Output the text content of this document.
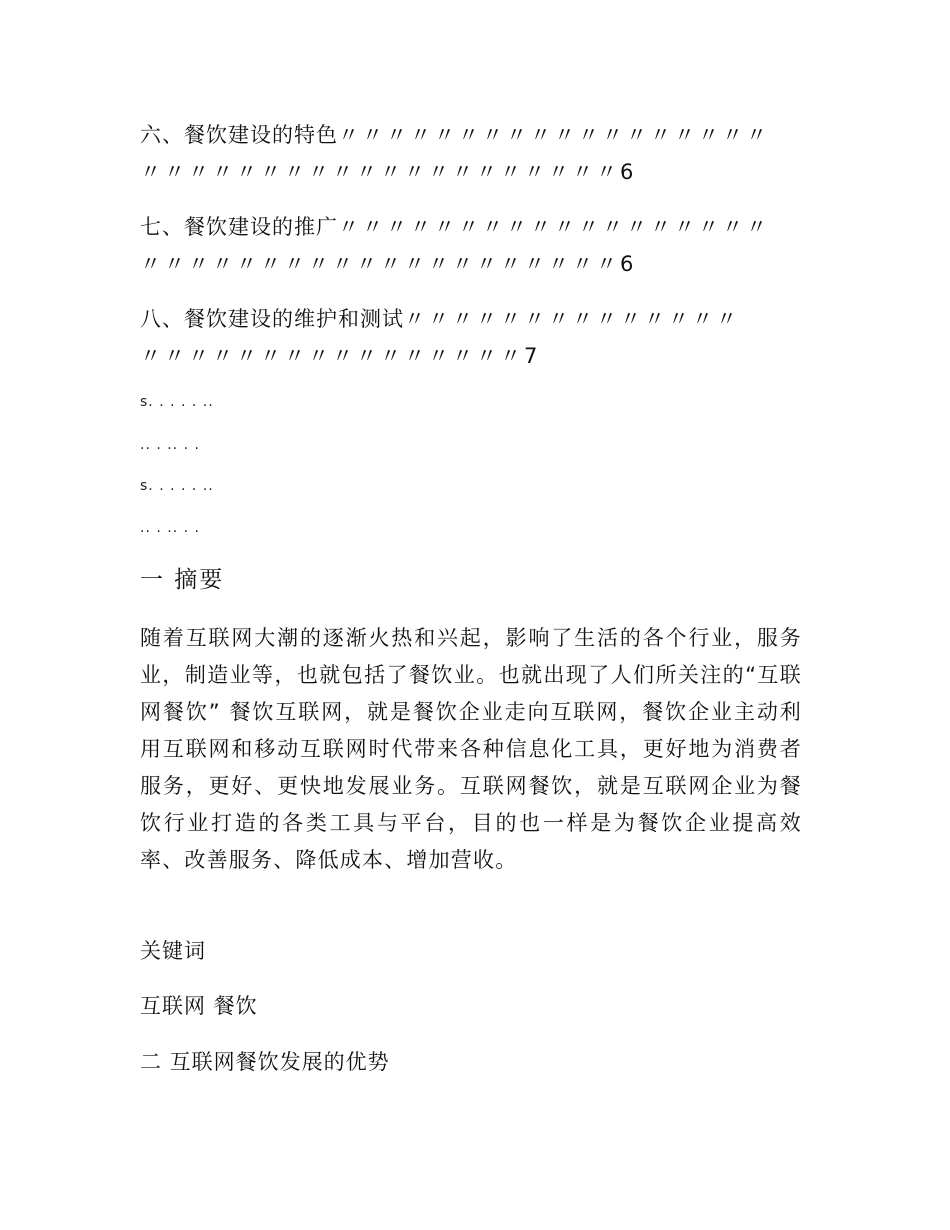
六、餐饮建设的特色〃〃〃〃〃〃〃〃〃〃〃〃〃〃〃〃〃〃
〃〃〃〃〃〃〃〃〃〃〃〃〃〃〃〃〃〃〃〃6
七、餐饮建设的推广〃〃〃〃〃〃〃〃〃〃〃〃〃〃〃〃〃〃
〃〃〃〃〃〃〃〃〃〃〃〃〃〃〃〃〃〃〃〃6
八、餐饮建设的维护和测试〃〃〃〃〃〃〃〃〃〃〃〃〃〃
〃〃〃〃〃〃〃〃〃〃〃〃〃〃〃〃7

s. . . . . ..

.. . .. . .

s. . . . . ..

.. . .. . .

一 摘要

随着互联网大潮的逐渐火热和兴起，影响了生活的各个行业，服务业，制造业等，也就包括了餐饮业。也就出现了人们所关注的“互联网餐饮” 餐饮互联网，就是餐饮企业走向互联网，餐饮企业主动利用互联网和移动互联网时代带来各种信息化工具，更好地为消费者服务，更好、更快地发展业务。互联网餐饮，就是互联网企业为餐饮行业打造的各类工具与平台，目的也一样是为餐饮企业提高效率、改善服务、降低成本、增加营收。

关键词

互联网 餐饮

二 互联网餐饮发展的优势
